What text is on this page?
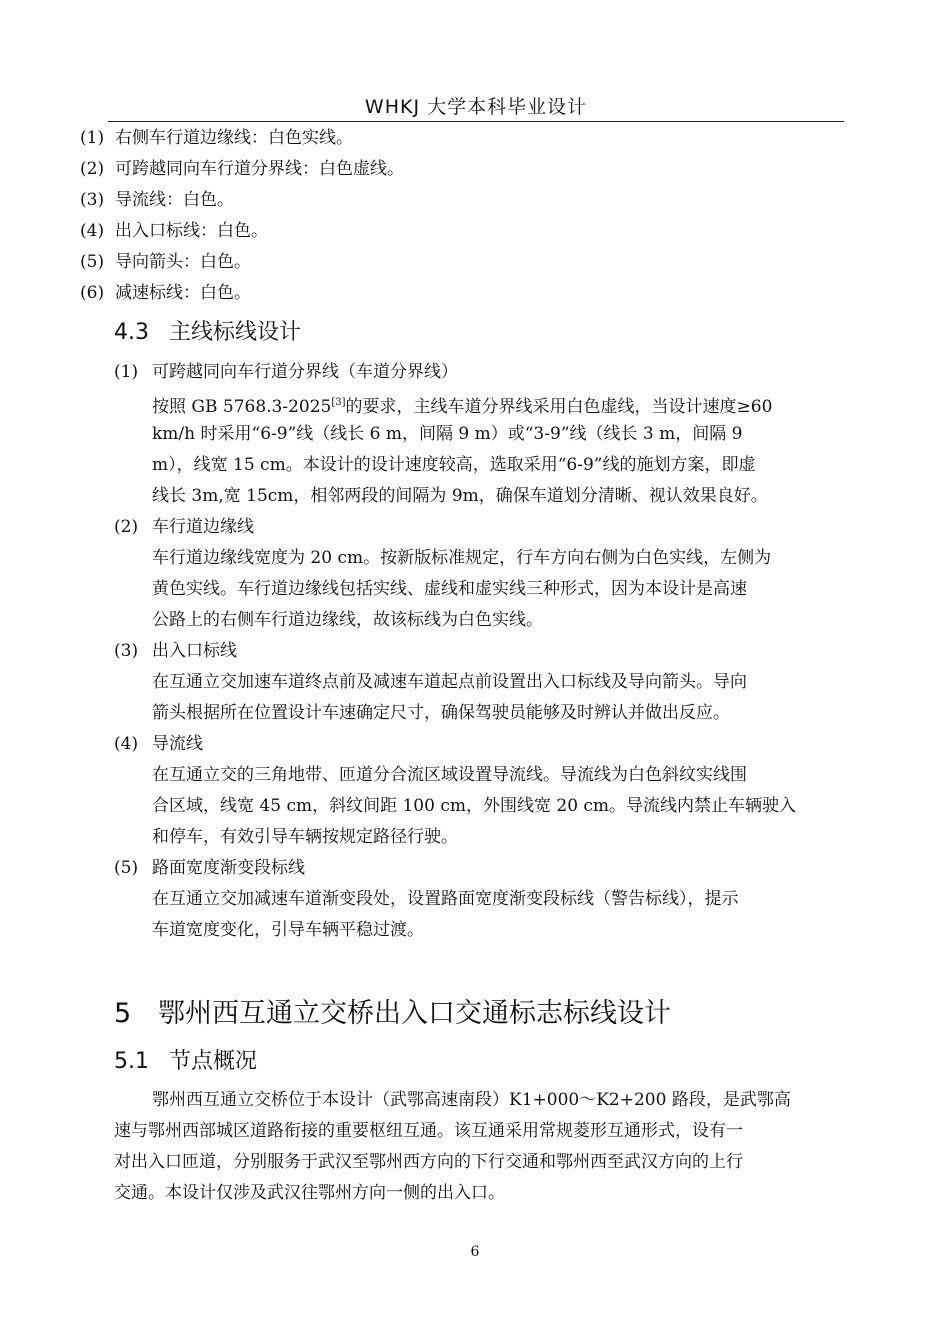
WHKJ 大学本科毕业设计
(1) 右侧车行道边缘线：白色实线。
(2) 可跨越同向车行道分界线：白色虚线。
(3) 导流线：白色。
(4) 出入口标线：白色。
(5) 导向箭头：白色。
(6) 减速标线：白色。
4.3 主线标线设计
(1) 可跨越同向车行道分界线（车道分界线）
按照 GB 5768.3-2025[3]的要求，主线车道分界线采用白色虚线，当设计速度≥60
km/h 时采用“6-9”线（线长 6 m，间隔 9 m）或“3-9”线（线长 3 m，间隔 9
m），线宽 15 cm。本设计的设计速度较高，选取采用“6-9”线的施划方案，即虚
线长 3m,宽 15cm，相邻两段的间隔为 9m，确保车道划分清晰、视认效果良好。
(2) 车行道边缘线
车行道边缘线宽度为 20 cm。按新版标准规定，行车方向右侧为白色实线，左侧为
黄色实线。车行道边缘线包括实线、虚线和虚实线三种形式，因为本设计是高速
公路上的右侧车行道边缘线，故该标线为白色实线。
(3) 出入口标线
在互通立交加速车道终点前及减速车道起点前设置出入口标线及导向箭头。导向
箭头根据所在位置设计车速确定尺寸，确保驾驶员能够及时辨认并做出反应。
(4) 导流线
在互通立交的三角地带、匝道分合流区域设置导流线。导流线为白色斜纹实线围
合区域，线宽 45 cm，斜纹间距 100 cm，外围线宽 20 cm。导流线内禁止车辆驶入
和停车，有效引导车辆按规定路径行驶。
(5) 路面宽度渐变段标线
在互通立交加减速车道渐变段处，设置路面宽度渐变段标线（警告标线），提示
车道宽度变化，引导车辆平稳过渡。
5 鄂州西互通立交桥出入口交通标志标线设计
5.1 节点概况
鄂州西互通立交桥位于本设计（武鄂高速南段）K1+000～K2+200 路段，是武鄂高
速与鄂州西部城区道路衔接的重要枢纽互通。该互通采用常规菱形互通形式，设有一
对出入口匝道，分别服务于武汉至鄂州西方向的下行交通和鄂州西至武汉方向的上行
交通。本设计仅涉及武汉往鄂州方向一侧的出入口。
6
